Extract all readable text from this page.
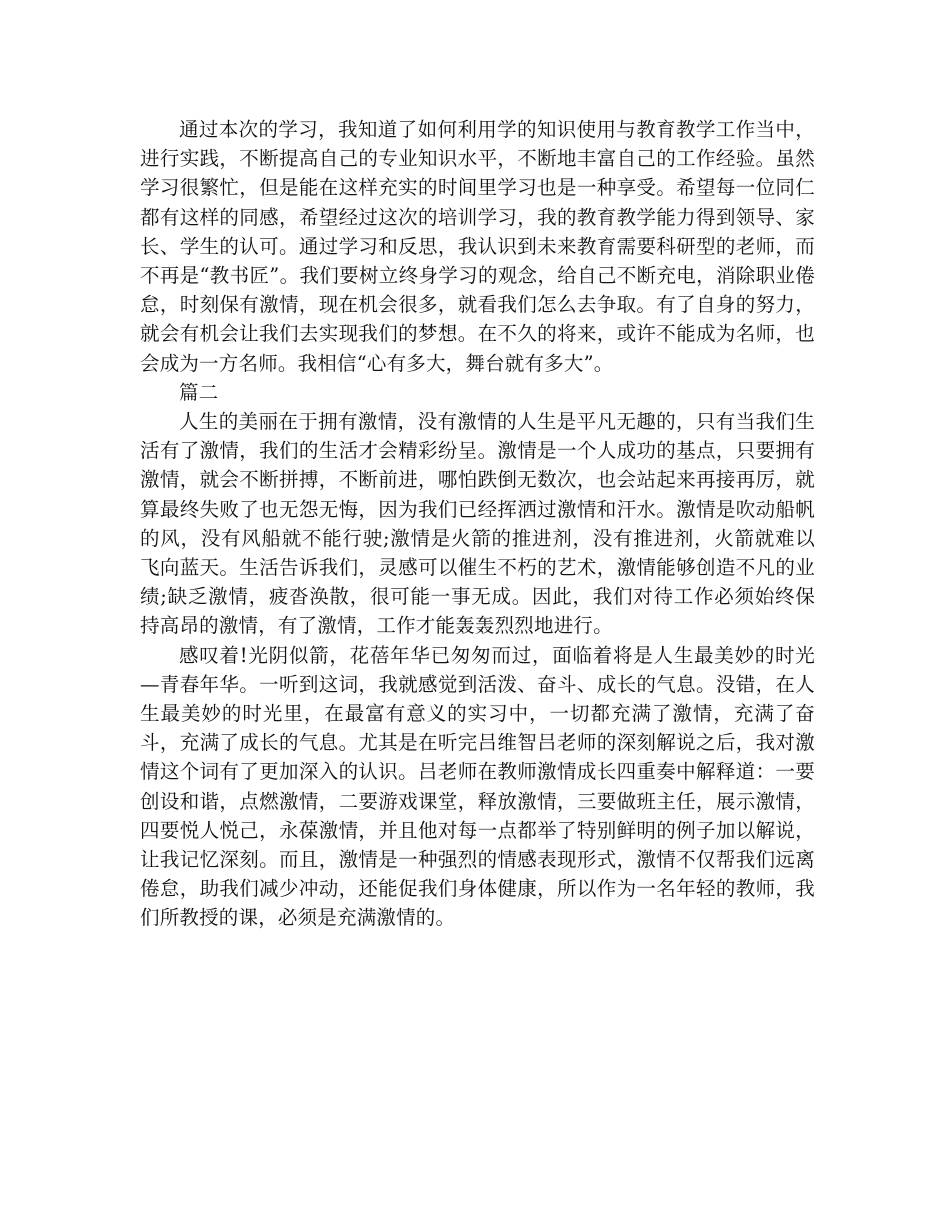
通过本次的学习，我知道了如何利用学的知识使用与教育教学工作当中，进行实践，不断提高自己的专业知识水平，不断地丰富自己的工作经验。虽然学习很繁忙，但是能在这样充实的时间里学习也是一种享受。希望每一位同仁都有这样的同感，希望经过这次的培训学习，我的教育教学能力得到领导、家长、学生的认可。通过学习和反思，我认识到未来教育需要科研型的老师，而不再是“教书匠”。我们要树立终身学习的观念，给自己不断充电，消除职业倦怠，时刻保有激情，现在机会很多，就看我们怎么去争取。有了自身的努力，就会有机会让我们去实现我们的梦想。在不久的将来，或许不能成为名师，也会成为一方名师。我相信“心有多大，舞台就有多大”。

篇二

人生的美丽在于拥有激情，没有激情的人生是平凡无趣的，只有当我们生活有了激情，我们的生活才会精彩纷呈。激情是一个人成功的基点，只要拥有激情，就会不断拼搏，不断前进，哪怕跌倒无数次，也会站起来再接再厉，就算最终失败了也无怨无悔，因为我们已经挥洒过激情和汗水。激情是吹动船帆的风，没有风船就不能行驶;激情是火箭的推进剂，没有推进剂，火箭就难以飞向蓝天。生活告诉我们，灵感可以催生不朽的艺术，激情能够创造不凡的业绩;缺乏激情，疲沓涣散，很可能一事无成。因此，我们对待工作必须始终保持高昂的激情，有了激情，工作才能轰轰烈烈地进行。

感叹着!光阴似箭，花蓓年华已匆匆而过，面临着将是人生最美妙的时光—青春年华。一听到这词，我就感觉到活泼、奋斗、成长的气息。没错，在人生最美妙的时光里，在最富有意义的实习中，一切都充满了激情，充满了奋斗，充满了成长的气息。尤其是在听完吕维智吕老师的深刻解说之后，我对激情这个词有了更加深入的认识。吕老师在教师激情成长四重奏中解释道：一要创设和谐，点燃激情，二要游戏课堂，释放激情，三要做班主任，展示激情，四要悦人悦己，永葆激情，并且他对每一点都举了特别鲜明的例子加以解说，让我记忆深刻。而且，激情是一种强烈的情感表现形式，激情不仅帮我们远离倦怠，助我们减少冲动，还能促我们身体健康，所以作为一名年轻的教师，我们所教授的课，必须是充满激情的。
